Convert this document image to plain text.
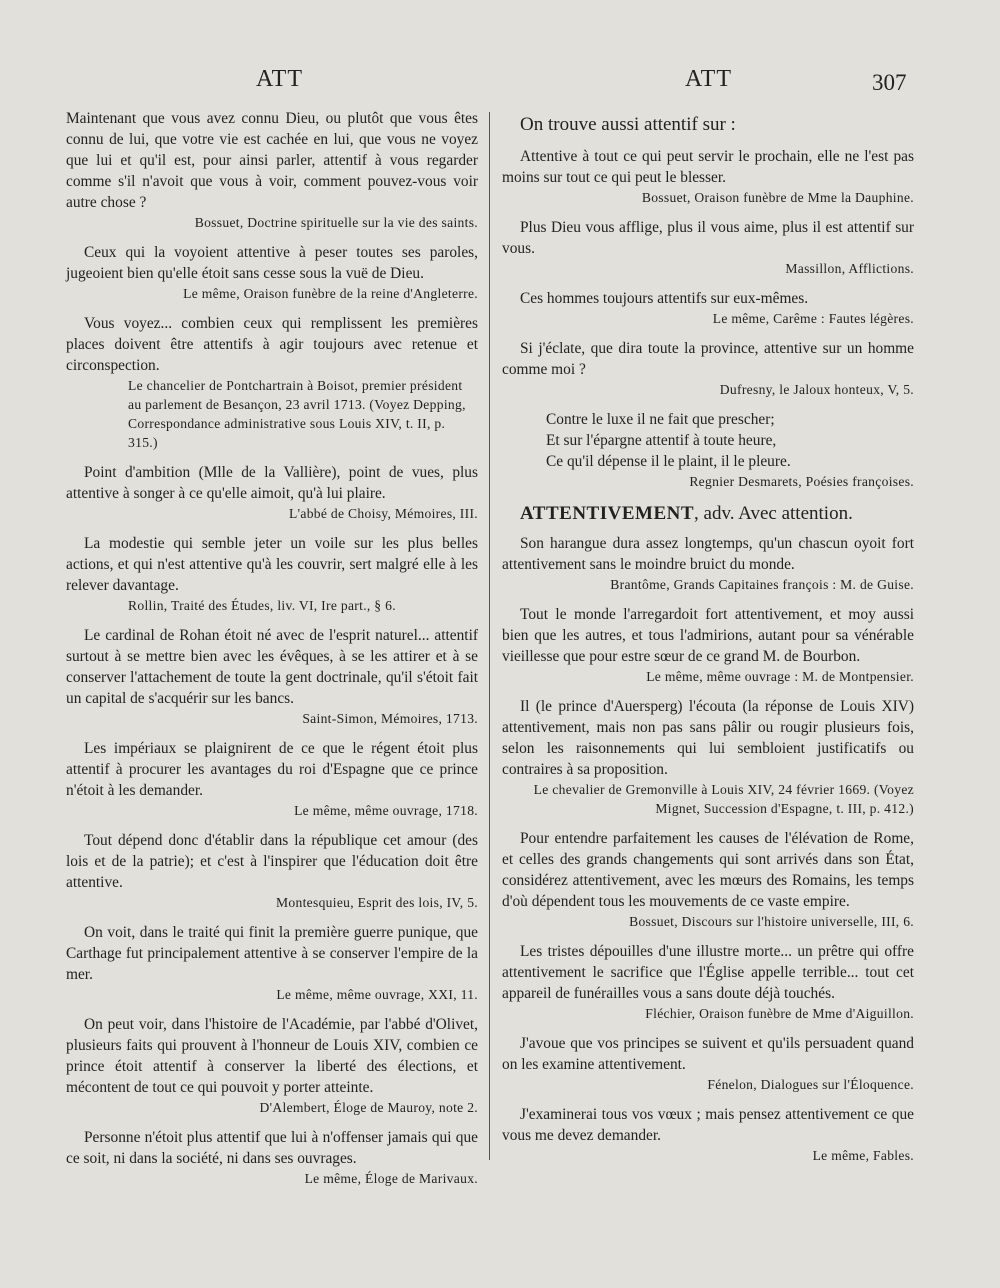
ATT	ATT	307
Maintenant que vous avez connu Dieu, ou plutôt que vous êtes connu de lui, que votre vie est cachée en lui, que vous ne voyez que lui et qu'il est, pour ainsi parler, attentif à vous regarder comme s'il n'avoit que vous à voir, comment pouvez-vous voir autre chose ?
Bossuet, Doctrine spirituelle sur la vie des saints.
Ceux qui la voyoient attentive à peser toutes ses paroles, jugeoient bien qu'elle étoit sans cesse sous la vuë de Dieu.
Le même, Oraison funèbre de la reine d'Angleterre.
Vous voyez... combien ceux qui remplissent les premières places doivent être attentifs à agir toujours avec retenue et circonspection.
Le chancelier de Pontchartrain à Boisot, premier président au parlement de Besançon, 23 avril 1713. (Voyez Depping, Correspondance administrative sous Louis XIV, t. II, p. 315.)
Point d'ambition (Mlle de la Vallière), point de vues, plus attentive à songer à ce qu'elle aimoit, qu'à lui plaire.
L'abbé de Choisy, Mémoires, III.
La modestie qui semble jeter un voile sur les plus belles actions, et qui n'est attentive qu'à les couvrir, sert malgré elle à les relever davantage.
Rollin, Traité des Études, liv. VI, Ire part., § 6.
Le cardinal de Rohan étoit né avec de l'esprit naturel... attentif surtout à se mettre bien avec les évêques, à se les attirer et à se conserver l'attachement de toute la gent doctrinale, qu'il s'étoit fait un capital de s'acquérir sur les bancs.
Saint-Simon, Mémoires, 1713.
Les impériaux se plaignirent de ce que le régent étoit plus attentif à procurer les avantages du roi d'Espagne que ce prince n'étoit à les demander.
Le même, même ouvrage, 1718.
Tout dépend donc d'établir dans la république cet amour (des lois et de la patrie); et c'est à l'inspirer que l'éducation doit être attentive.
Montesquieu, Esprit des lois, IV, 5.
On voit, dans le traité qui finit la première guerre punique, que Carthage fut principalement attentive à se conserver l'empire de la mer.
Le même, même ouvrage, XXI, 11.
On peut voir, dans l'histoire de l'Académie, par l'abbé d'Olivet, plusieurs faits qui prouvent à l'honneur de Louis XIV, combien ce prince étoit attentif à conserver la liberté des élections, et mécontent de tout ce qui pouvoit y porter atteinte.
D'Alembert, Éloge de Mauroy, note 2.
Personne n'étoit plus attentif que lui à n'offenser jamais qui que ce soit, ni dans la société, ni dans ses ouvrages.
Le même, Éloge de Marivaux.
On trouve aussi attentif sur :
Attentive à tout ce qui peut servir le prochain, elle ne l'est pas moins sur tout ce qui peut le blesser.
Bossuet, Oraison funèbre de Mme la Dauphine.
Plus Dieu vous afflige, plus il vous aime, plus il est attentif sur vous.
Massillon, Afflictions.
Ces hommes toujours attentifs sur eux-mêmes.
Le même, Carême : Fautes légères.
Si j'éclate, que dira toute la province, attentive sur un homme comme moi ?
Dufresny, le Jaloux honteux, V, 5.
Contre le luxe il ne fait que prescher;
Et sur l'épargne attentif à toute heure,
Ce qu'il dépense il le plaint, il le pleure.
Regnier Desmarets, Poésies françoises.
ATTENTIVEMENT, adv. Avec attention.
Son harangue dura assez longtemps, qu'un chascun oyoit fort attentivement sans le moindre bruict du monde.
Brantôme, Grands Capitaines françois : M. de Guise.
Tout le monde l'arregardoit fort attentivement, et moy aussi bien que les autres, et tous l'admirions, autant pour sa vénérable vieillesse que pour estre sœur de ce grand M. de Bourbon.
Le même, même ouvrage : M. de Montpensier.
Il (le prince d'Auersperg) l'écouta (la réponse de Louis XIV) attentivement, mais non pas sans pâlir ou rougir plusieurs fois, selon les raisonnements qui lui sembloient justificatifs ou contraires à sa proposition.
Le chevalier de Gremonville à Louis XIV, 24 février 1669. (Voyez Mignet, Succession d'Espagne, t. III, p. 412.)
Pour entendre parfaitement les causes de l'élévation de Rome, et celles des grands changements qui sont arrivés dans son État, considérez attentivement, avec les mœurs des Romains, les temps d'où dépendent tous les mouvements de ce vaste empire.
Bossuet, Discours sur l'histoire universelle, III, 6.
Les tristes dépouilles d'une illustre morte... un prêtre qui offre attentivement le sacrifice que l'Église appelle terrible... tout cet appareil de funérailles vous a sans doute déjà touchés.
Fléchier, Oraison funèbre de Mme d'Aiguillon.
J'avoue que vos principes se suivent et qu'ils persuadent quand on les examine attentivement.
Fénelon, Dialogues sur l'Éloquence.
J'examinerai tous vos vœux ; mais pensez attentivement ce que vous me devez demander.
Le même, Fables.
